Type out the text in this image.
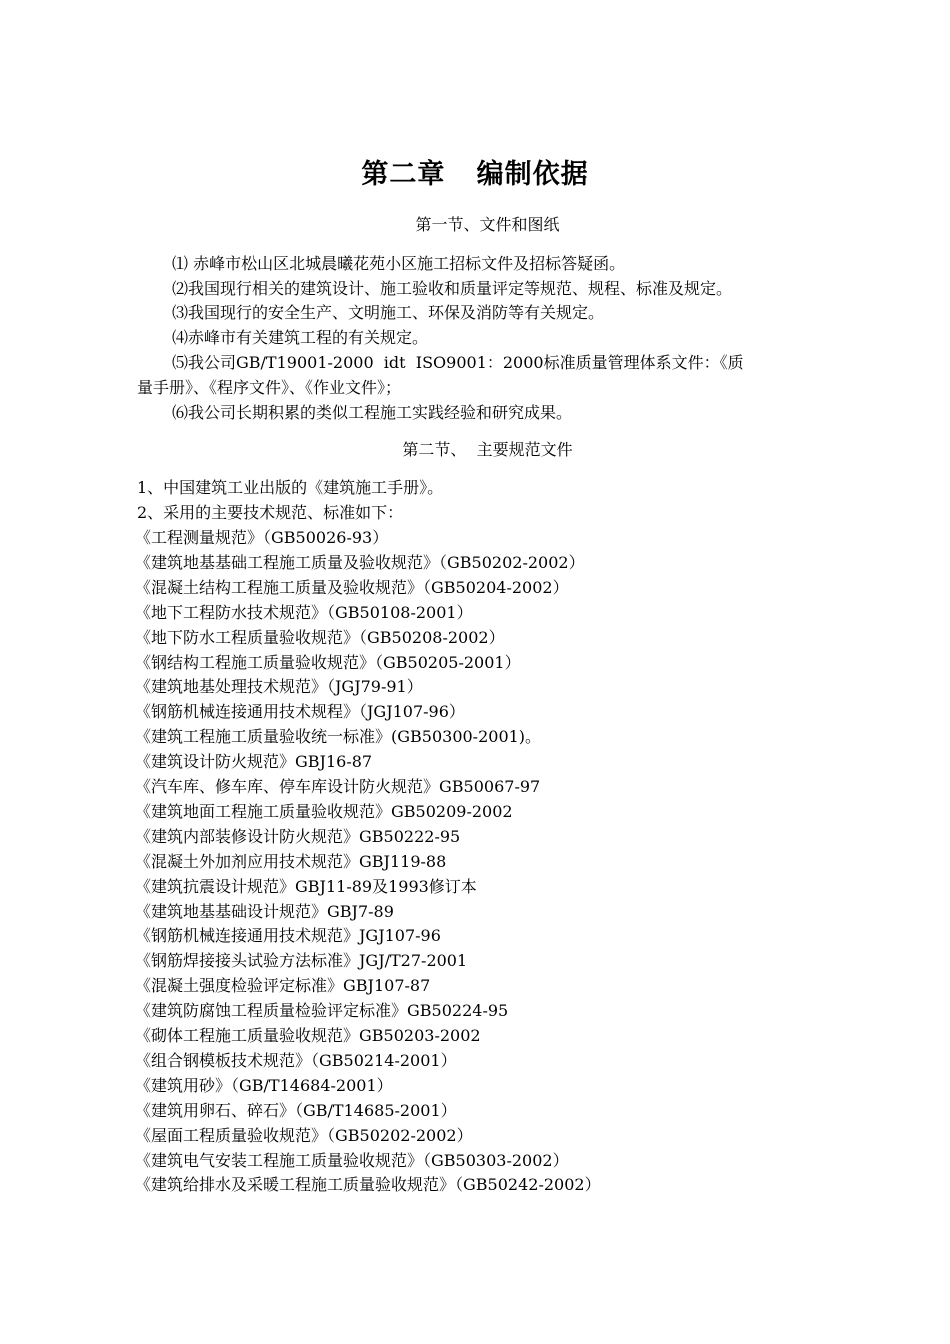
第二章   编制依据
第一节、文件和图纸
⑴ 赤峰市松山区北城晨曦花苑小区施工招标文件及招标答疑函。
⑵我国现行相关的建筑设计、施工验收和质量评定等规范、规程、标准及规定。
⑶我国现行的安全生产、文明施工、环保及消防等有关规定。
⑷赤峰市有关建筑工程的有关规定。
⑸我公司GB/T19001-2000  idt  ISO9001：2000标准质量管理体系文件：《质
量手册》、《程序文件》、《作业文件》；
⑹我公司长期积累的类似工程施工实践经验和研究成果。
第二节、  主要规范文件
1、中国建筑工业出版的《建筑施工手册》。
2、采用的主要技术规范、标准如下：
《工程测量规范》（GB50026-93）
《建筑地基基础工程施工质量及验收规范》（GB50202-2002）
《混凝土结构工程施工质量及验收规范》（GB50204-2002）
《地下工程防水技术规范》（GB50108-2001）
《地下防水工程质量验收规范》（GB50208-2002）
《钢结构工程施工质量验收规范》（GB50205-2001）
《建筑地基处理技术规范》（JGJ79-91）
《钢筋机械连接通用技术规程》（JGJ107-96）
《建筑工程施工质量验收统一标准》(GB50300-2001)。
《建筑设计防火规范》GBJ16-87
《汽车库、修车库、停车库设计防火规范》GB50067-97
《建筑地面工程施工质量验收规范》GB50209-2002
《建筑内部装修设计防火规范》GB50222-95
《混凝土外加剂应用技术规范》GBJ119-88
《建筑抗震设计规范》GBJ11-89及1993修订本
《建筑地基基础设计规范》GBJ7-89
《钢筋机械连接通用技术规范》JGJ107-96
《钢筋焊接接头试验方法标准》JGJ/T27-2001
《混凝土强度检验评定标准》GBJ107-87
《建筑防腐蚀工程质量检验评定标准》GB50224-95
《砌体工程施工质量验收规范》GB50203-2002
《组合钢模板技术规范》（GB50214-2001）
《建筑用砂》（GB/T14684-2001）
《建筑用卵石、碎石》（GB/T14685-2001）
《屋面工程质量验收规范》（GB50202-2002）
《建筑电气安装工程施工质量验收规范》（GB50303-2002）
《建筑给排水及采暖工程施工质量验收规范》（GB50242-2002）
